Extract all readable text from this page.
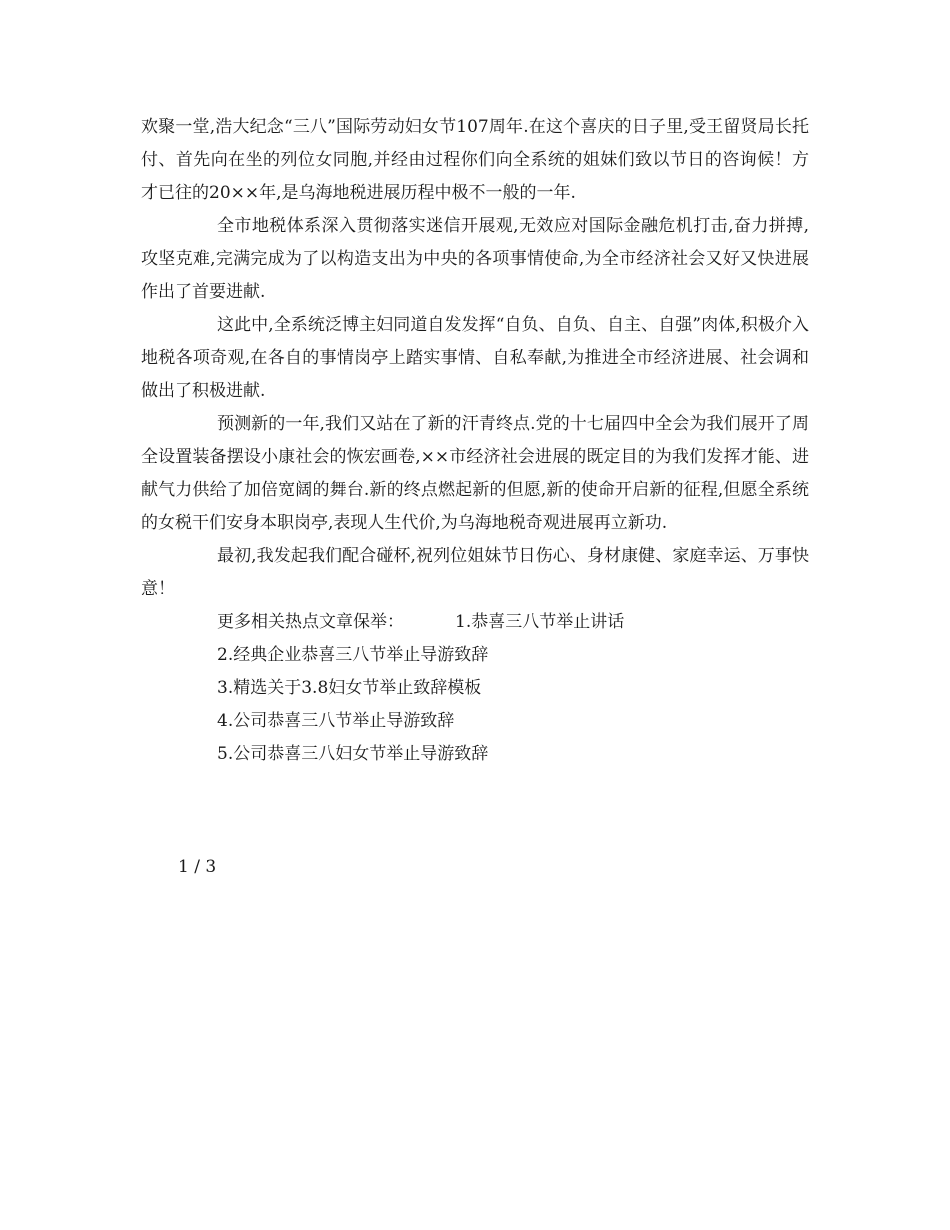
欢聚一堂,浩大纪念“三八”国际劳动妇女节107周年.在这个喜庆的日子里,受王留贤局长托付、首先向在坐的列位女同胞,并经由过程你们向全系统的姐妹们致以节日的咨询候！方才已往的20××年,是乌海地税进展历程中极不一般的一年.

全市地税体系深入贯彻落实迷信开展观,无效应对国际金融危机打击,奋力拼搏,攻坚克难,完满完成为了以构造支出为中央的各项事情使命,为全市经济社会又好又快进展作出了首要进献.

这此中,全系统泛博主妇同道自发发挥“自负、自负、自主、自强”肉体,积极介入地税各项奇观,在各自的事情岗亭上踏实事情、自私奉献,为推进全市经济进展、社会调和做出了积极进献.

预测新的一年,我们又站在了新的汗青终点.党的十七届四中全会为我们展开了周全设置装备摆设小康社会的恢宏画卷,××市经济社会进展的既定目的为我们发挥才能、进献气力供给了加倍宽阔的舞台.新的终点燃起新的但愿,新的使命开启新的征程,但愿全系统的女税干们安身本职岗亭,表现人生代价,为乌海地税奇观进展再立新功.

最初,我发起我们配合碰杯,祝列位姐妹节日伤心、身材康健、家庭幸运、万事快意！

更多相关热点文章保举：	1.恭喜三八节举止讲话
2.经典企业恭喜三八节举止导游致辞
3.精选关于3.8妇女节举止致辞模板
4.公司恭喜三八节举止导游致辞
5.公司恭喜三八妇女节举止导游致辞
1 / 3
